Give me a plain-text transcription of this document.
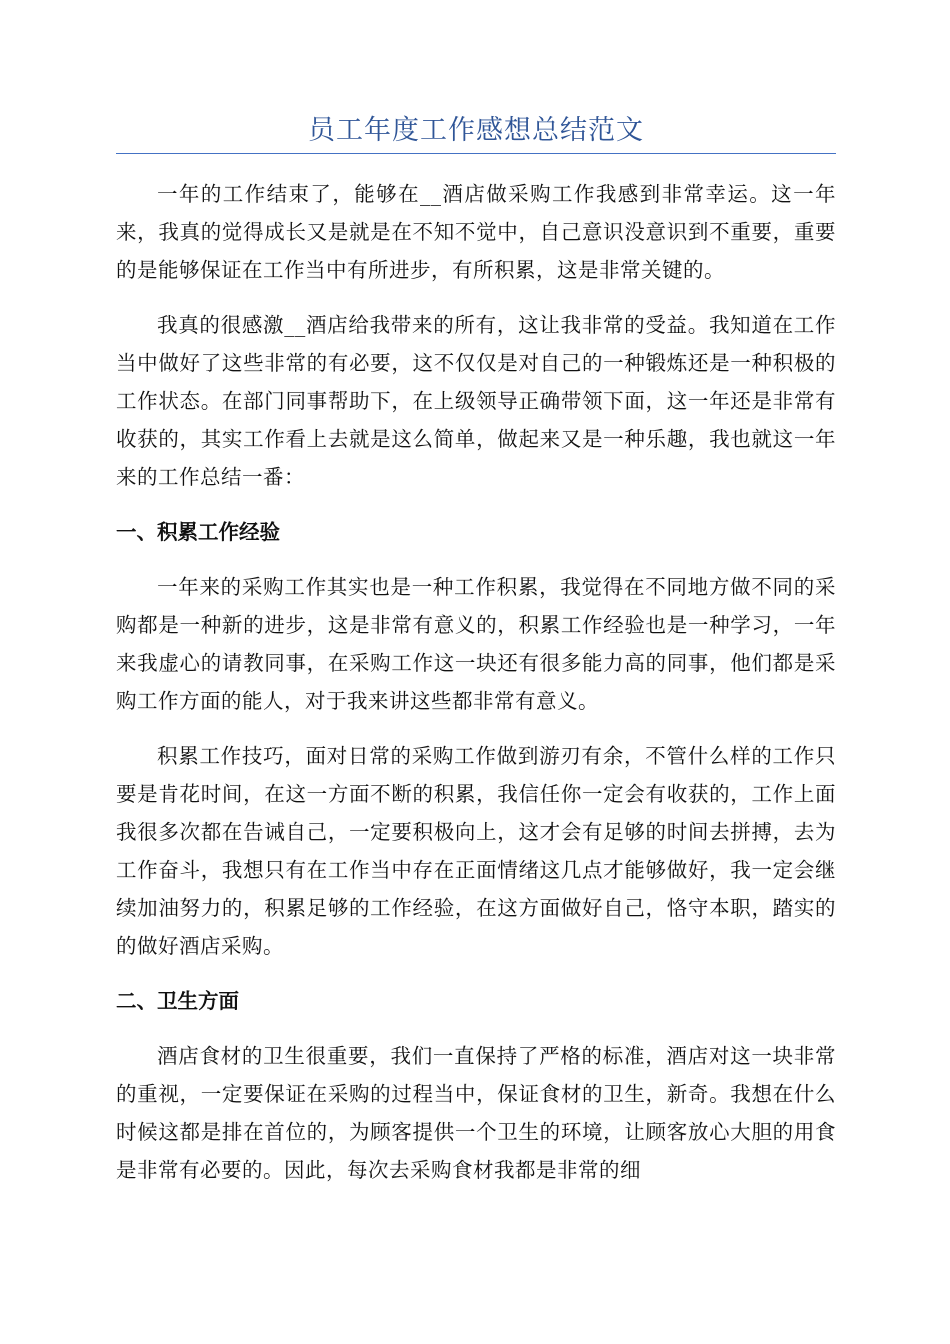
员工年度工作感想总结范文

一年的工作结束了，能够在__酒店做采购工作我感到非常幸运。这一年来，我真的觉得成长又是就是在不知不觉中，自己意识没意识到不重要，重要的是能够保证在工作当中有所进步，有所积累，这是非常关键的。

我真的很感激__酒店给我带来的所有，这让我非常的受益。我知道在工作当中做好了这些非常的有必要，这不仅仅是对自己的一种锻炼还是一种积极的工作状态。在部门同事帮助下，在上级领导正确带领下面，这一年还是非常有收获的，其实工作看上去就是这么简单，做起来又是一种乐趣，我也就这一年来的工作总结一番：

一、积累工作经验

一年来的采购工作其实也是一种工作积累，我觉得在不同地方做不同的采购都是一种新的进步，这是非常有意义的，积累工作经验也是一种学习，一年来我虚心的请教同事，在采购工作这一块还有很多能力高的同事，他们都是采购工作方面的能人，对于我来讲这些都非常有意义。

积累工作技巧，面对日常的采购工作做到游刃有余，不管什么样的工作只要是肯花时间，在这一方面不断的积累，我信任你一定会有收获的，工作上面我很多次都在告诫自己，一定要积极向上，这才会有足够的时间去拼搏，去为工作奋斗，我想只有在工作当中存在正面情绪这几点才能够做好，我一定会继续加油努力的，积累足够的工作经验，在这方面做好自己，恪守本职，踏实的的做好酒店采购。

二、卫生方面

酒店食材的卫生很重要，我们一直保持了严格的标准，酒店对这一块非常的重视，一定要保证在采购的过程当中，保证食材的卫生，新奇。我想在什么时候这都是排在首位的，为顾客提供一个卫生的环境，让顾客放心大胆的用食是非常有必要的。因此，每次去采购食材我都是非常的细
